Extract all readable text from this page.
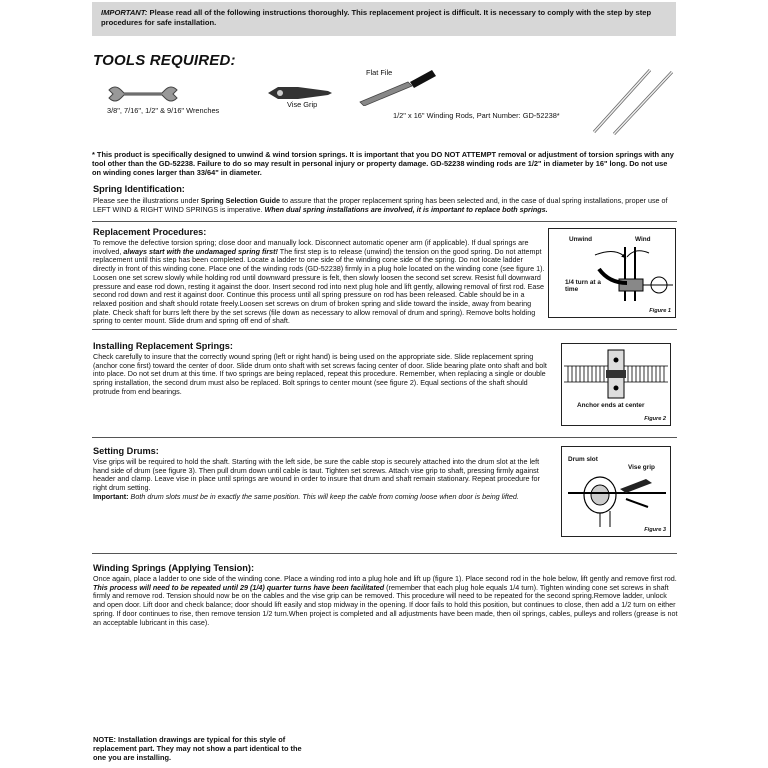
IMPORTANT: Please read all of the following instructions thoroughly. This replacement project is difficult. It is necessary to comply with the step by step procedures for safe installation.
TOOLS REQUIRED:
3/8", 7/16", 1/2" & 9/16" Wrenches
Vise Grip
Flat File
1/2" x 16" Winding Rods, Part Number: GD-52238*
* This product is specifically designed to unwind & wind torsion springs. It is important that you DO NOT ATTEMPT removal or adjustment of torsion springs with any tool other than the GD-52238. Failure to do so may result in personal injury or property damage. GD-52238 winding rods are 1/2" in diameter by 16" long. Do not use on winding cones larger than 33/64" in diameter.
Spring Identification:
Please see the illustrations under Spring Selection Guide to assure that the proper replacement spring has been selected and, in the case of dual spring installations, proper use of LEFT WIND & RIGHT WIND SPRINGS is imperative. When dual spring installations are involved, it is important to replace both springs.
Replacement Procedures:
To remove the defective torsion spring; close door and manually lock. Disconnect automatic opener arm (if applicable). If dual springs are involved, always start with the undamaged spring first! The first step is to release (unwind) the tension on the good spring. Do not attempt replacement until this step has been completed. Locate a ladder to one side of the winding cone side of the spring. Do not locate ladder directly in front of this winding cone. Place one of the winding rods (GD-52238) firmly in a plug hole located on the winding cone (see figure 1). Loosen one set screw slowly while holding rod until downward pressure is felt, then slowly loosen the second set screw. Resist full downward pressure and ease rod down, resting it against the door. Insert second rod into next plug hole and lift gently, allowing removal of first rod. Ease second rod down and rest it against door. Continue this process until all spring pressure on rod has been released. Cable should be in a relaxed position and shaft should rotate freely.Loosen set screws on drum of broken spring and slide toward the inside, away from bearing plate. Check shaft for burrs left there by the set screws (file down as necessary to allow removal of drum and spring). Remove bolts holding spring to center mount. Slide drum and spring off end of shaft.
Unwind	Wind
1/4 turn at a time
Figure 1
Installing Replacement Springs:
Check carefully to insure that the correctly wound spring (left or right hand) is being used on the appropriate side. Slide replacement spring (anchor cone first) toward the center of door. Slide drum onto shaft with set screws facing center of door. Slide bearing plate onto shaft and bolt into place. Do not set drum at this time. If two springs are being replaced, repeat this procedure. Remember, when replacing a single or double spring installation, the second drum must also be replaced. Bolt springs to center mount (see figure 2). Equal sections of the shaft should protrude from end bearings.
Anchor ends at center
Figure 2
Setting Drums:
Vise grips will be required to hold the shaft. Starting with the left side, be sure the cable stop is securely attached into the drum slot at the left hand side of drum (see figure 3). Then pull drum down until cable is taut. Tighten set screws. Attach vise grip to shaft, pressing firmly against header and clamp. Leave vise in place until springs are wound in order to insure that drum and shaft remain stationary. Repeat procedure for right drum setting.
Important: Both drum slots must be in exactly the same position. This will keep the cable from coming loose when door is being lifted.
Drum slot
Vise grip
Figure 3
Winding Springs (Applying Tension):
Once again, place a ladder to one side of the winding cone. Place a winding rod into a plug hole and lift up (figure 1). Place second rod in the hole below, lift gently and remove first rod. This process will need to be repeated until 29 (1/4) quarter turns have been facilitated (remember that each plug hole equals 1/4 turn). Tighten winding cone set screws in shaft firmly and remove rod. Tension should now be on the cables and the vise grip can be removed. This procedure will need to be repeated for the second spring.Remove ladder, unlock and open door. Lift door and check balance; door should lift easily and stop midway in the opening. If door fails to hold this position, but continues to close, then add a 1/2 turn on either spring. If door continues to rise, then remove tension 1/2 turn.When project is completed and all adjustments have been made, then oil springs, cables, pulleys and rollers (grease is not an acceptable lubricant in this case).
NOTE: Installation drawings are typical for this style of replacement part. They may not show a part identical to the one you are installing.
